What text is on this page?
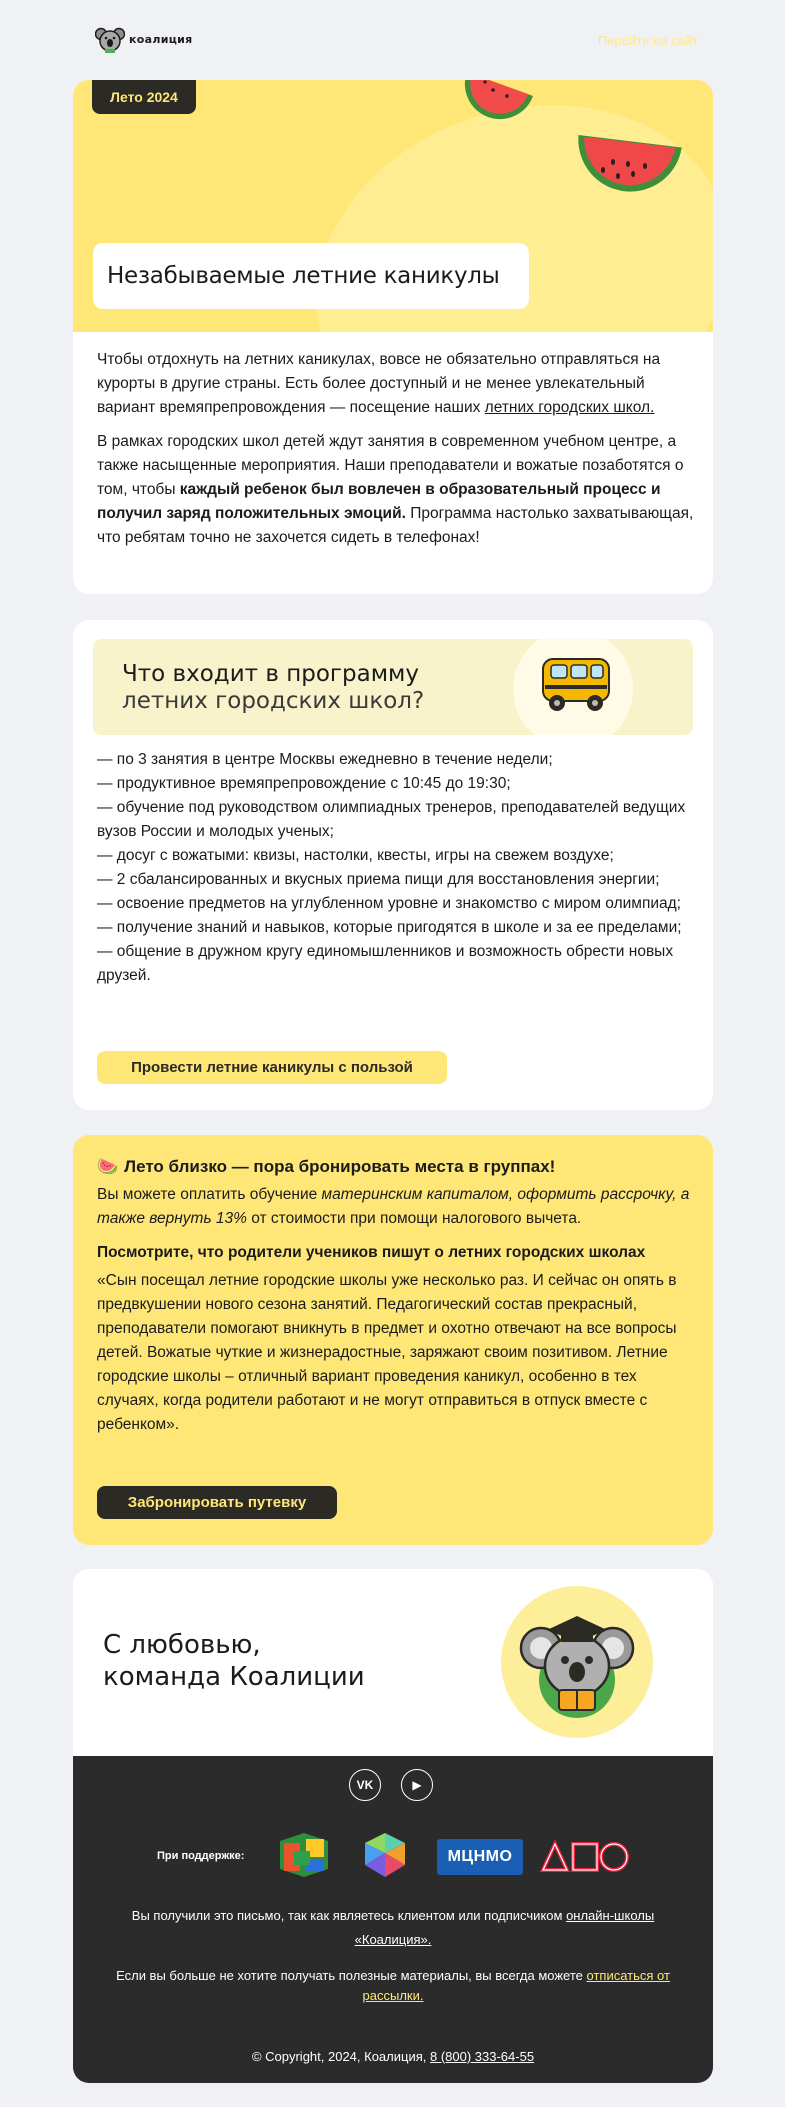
коалиция	Перейти на сайт
Лето 2024
Незабываемые летние каникулы

Чтобы отдохнуть на летних каникулах, вовсе не обязательно отправляться на курорты в другие страны. Есть более доступный и не менее увлекательный вариант времяпрепровождения — посещение наших летних городских школ.

В рамках городских школ детей ждут занятия в современном учебном центре, а также насыщенные мероприятия. Наши преподаватели и вожатые позаботятся о том, чтобы каждый ребенок был вовлечен в образовательный процесс и получил заряд положительных эмоций. Программа настолько захватывающая, что ребятам точно не захочется сидеть в телефонах!

Что входит в программу
летних городских школ?
— по 3 занятия в центре Москвы ежедневно в течение недели;
— продуктивное времяпрепровождение с 10:45 до 19:30;
— обучение под руководством олимпиадных тренеров, преподавателей ведущих вузов России и молодых ученых;
— досуг с вожатыми: квизы, настолки, квесты, игры на свежем воздухе;
— 2 сбалансированных и вкусных приема пищи для восстановления энергии;
— освоение предметов на углубленном уровне и знакомство с миром олимпиад;
— получение знаний и навыков, которые пригодятся в школе и за ее пределами;
— общение в дружном кругу единомышленников и возможность обрести новых друзей.
Провести летние каникулы с пользой
🍉 Лето близко — пора бронировать места в группах!

Вы можете оплатить обучение материнским капиталом, оформить рассрочку, а также вернуть 13% от стоимости при помощи налогового вычета.

Посмотрите, что родители учеников пишут о летних городских школах

«Сын посещал летние городские школы уже несколько раз. И сейчас он опять в предвкушении нового сезона занятий. Педагогический состав прекрасный, преподаватели помогают вникнуть в предмет и охотно отвечают на все вопросы детей. Вожатые чуткие и жизнерадостные, заряжают своим позитивом. Летние городские школы – отличный вариант проведения каникул, особенно в тех случаях, когда родители работают и не могут отправиться в отпуск вместе с ребенком».

Забронировать путевку
С любовью,
команда Коалиции
VK	▶
При поддержке:	МЦНМО
Вы получили это письмо, так как являетесь клиентом или подписчиком онлайн-школы «Коалиция».
Если вы больше не хотите получать полезные материалы, вы всегда можете отписаться от рассылки.
© Copyright, 2024, Коалиция, 8 (800) 333-64-55
